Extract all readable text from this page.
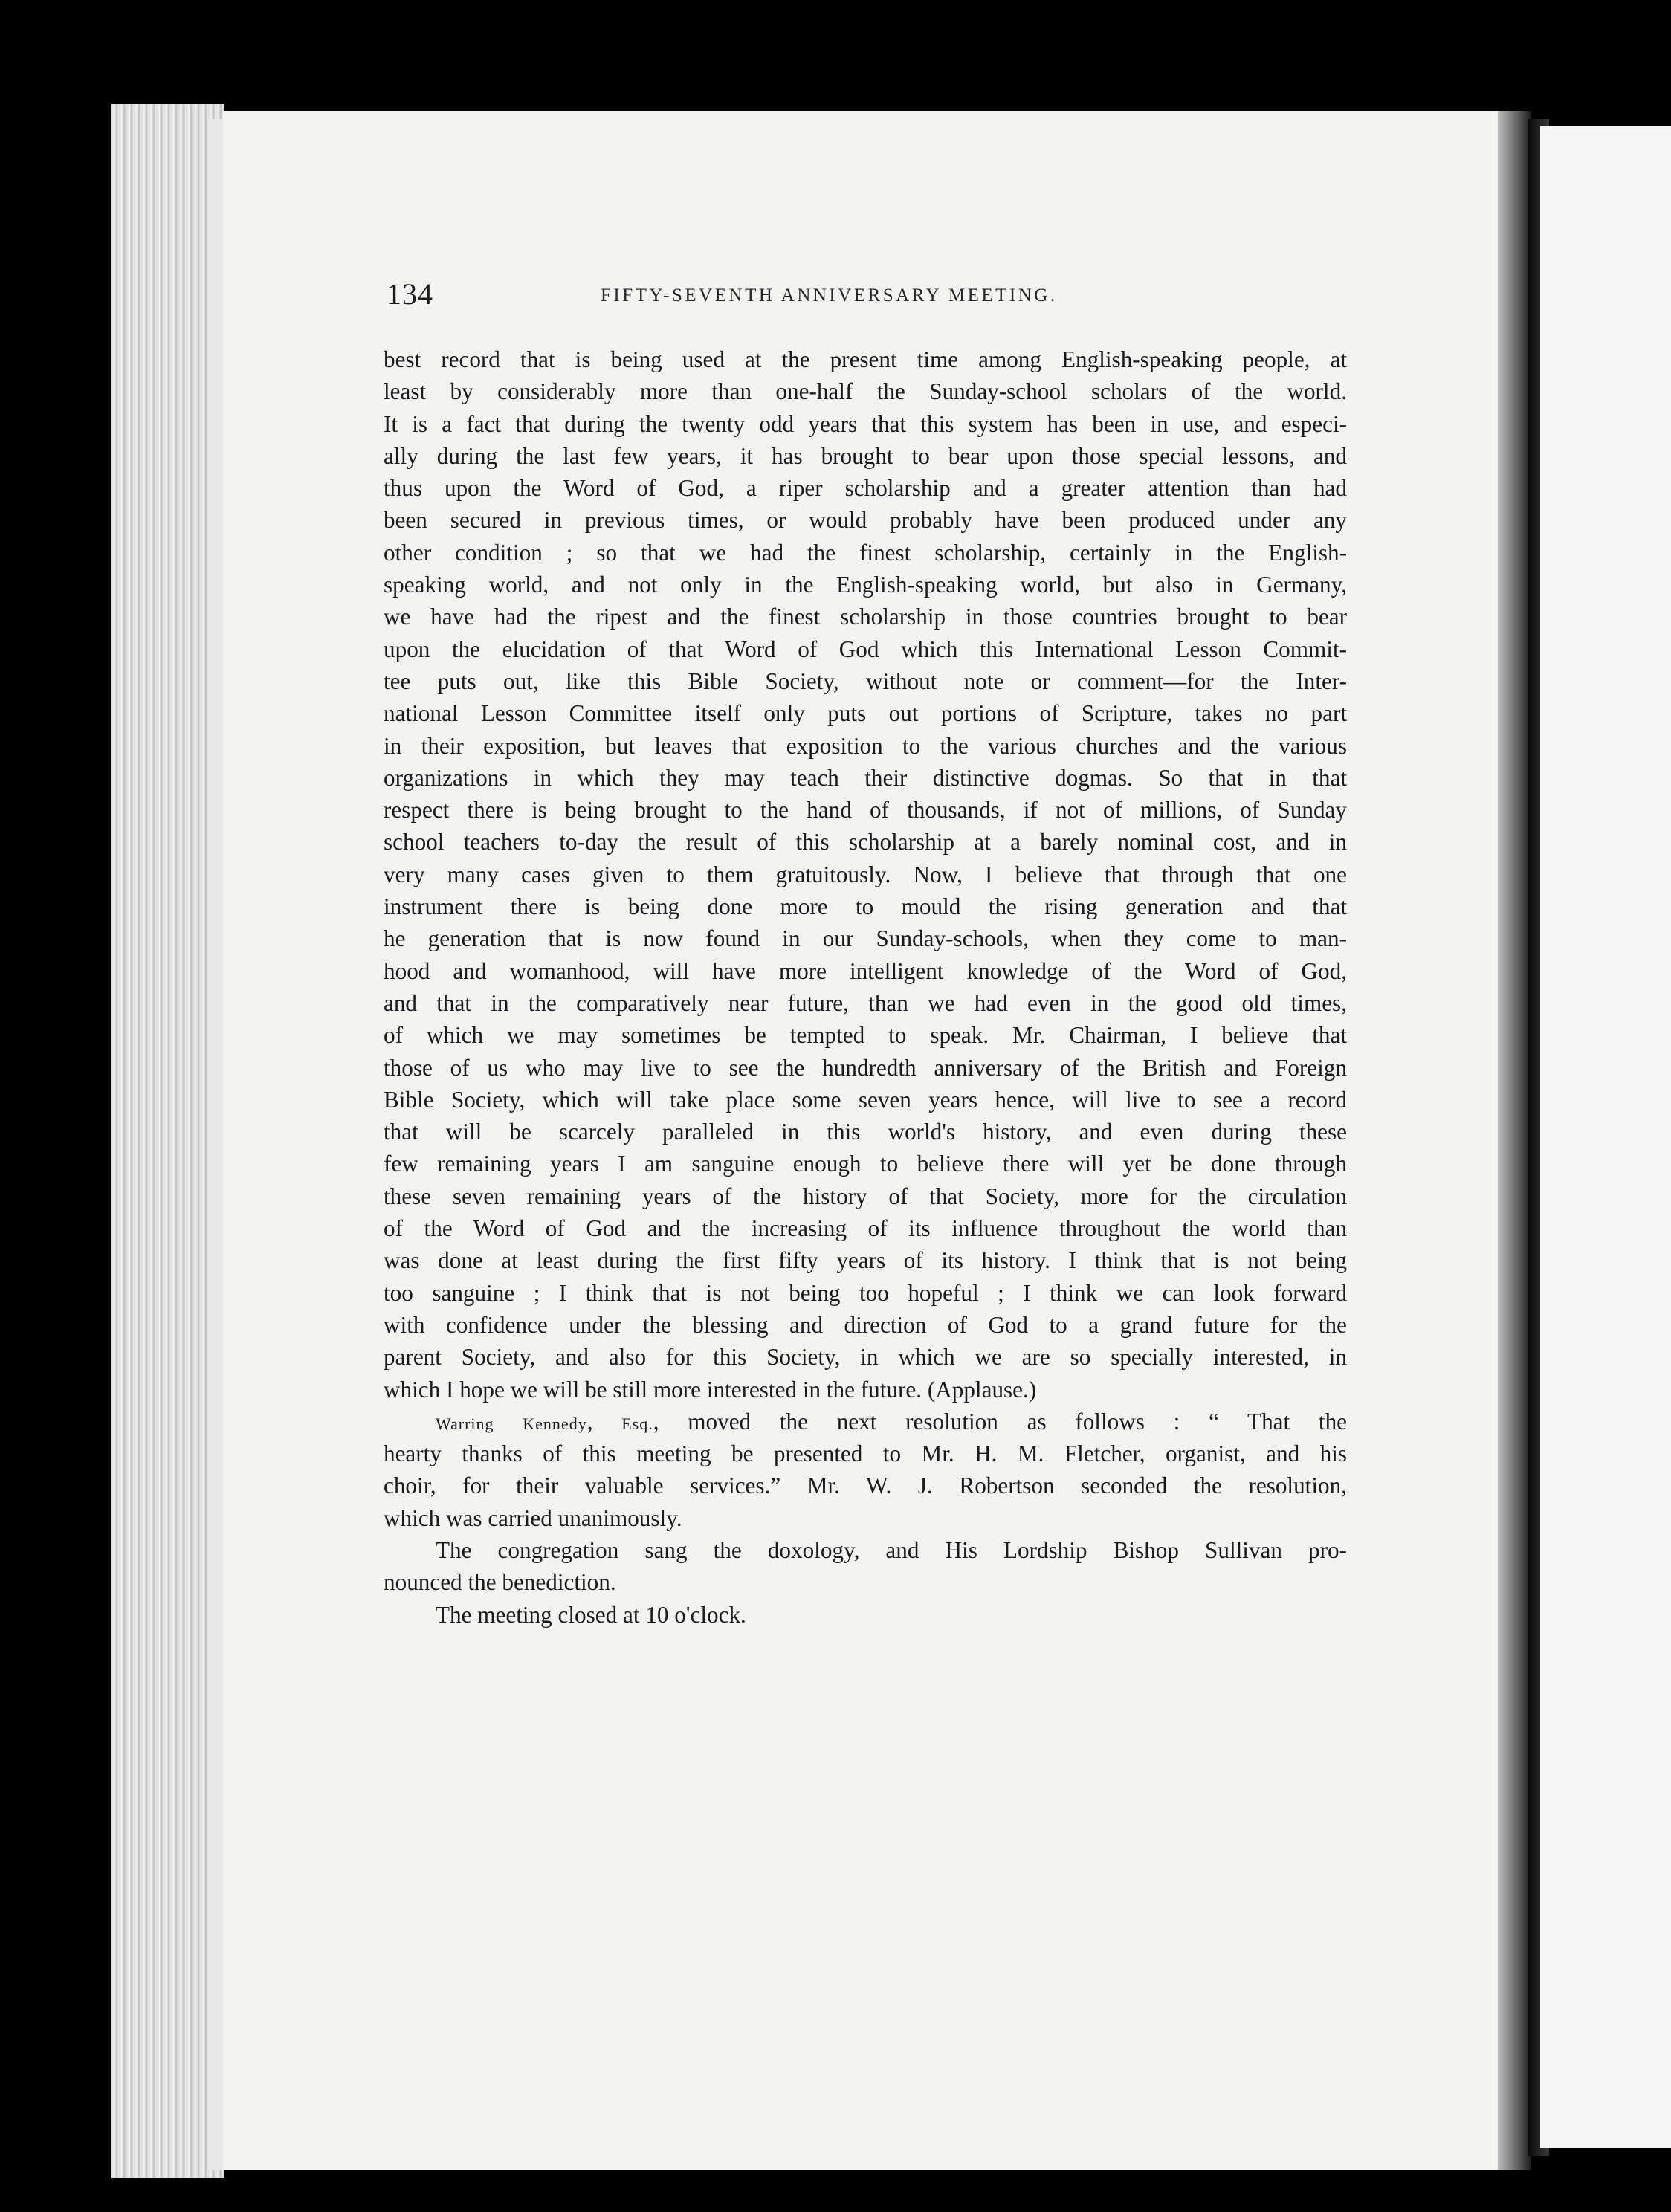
134	FIFTY-SEVENTH ANNIVERSARY MEETING.
best record that is being used at the present time among English-speaking people, at
least by considerably more than one-half the Sunday-school scholars of the world.
It is a fact that during the twenty odd years that this system has been in use, and especi-
ally during the last few years, it has brought to bear upon those special lessons, and
thus upon the Word of God, a riper scholarship and a greater attention than had
been secured in previous times, or would probably have been produced under any
other condition ; so that we had the finest scholarship, certainly in the English-
speaking world, and not only in the English-speaking world, but also in Germany,
we have had the ripest and the finest scholarship in those countries brought to bear
upon the elucidation of that Word of God which this International Lesson Commit-
tee puts out, like this Bible Society, without note or comment—for the Inter-
national Lesson Committee itself only puts out portions of Scripture, takes no part
in their exposition, but leaves that exposition to the various churches and the various
organizations in which they may teach their distinctive dogmas. So that in that
respect there is being brought to the hand of thousands, if not of millions, of Sunday
school teachers to-day the result of this scholarship at a barely nominal cost, and in
very many cases given to them gratuitously. Now, I believe that through that one
instrument there is being done more to mould the rising generation and that
he generation that is now found in our Sunday-schools, when they come to man-
hood and womanhood, will have more intelligent knowledge of the Word of God,
and that in the comparatively near future, than we had even in the good old times,
of which we may sometimes be tempted to speak. Mr. Chairman, I believe that
those of us who may live to see the hundredth anniversary of the British and Foreign
Bible Society, which will take place some seven years hence, will live to see a record
that will be scarcely paralleled in this world's history, and even during these
few remaining years I am sanguine enough to believe there will yet be done through
these seven remaining years of the history of that Society, more for the circulation
of the Word of God and the increasing of its influence throughout the world than
was done at least during the first fifty years of its history. I think that is not being
too sanguine ; I think that is not being too hopeful ; I think we can look forward
with confidence under the blessing and direction of God to a grand future for the
parent Society, and also for this Society, in which we are so specially interested, in
which I hope we will be still more interested in the future. (Applause.)
Warring Kennedy, Esq., moved the next resolution as follows : “ That the
hearty thanks of this meeting be presented to Mr. H. M. Fletcher, organist, and his
choir, for their valuable services.” Mr. W. J. Robertson seconded the resolution,
which was carried unanimously.
The congregation sang the doxology, and His Lordship Bishop Sullivan pro-
nounced the benediction.
The meeting closed at 10 o'clock.
